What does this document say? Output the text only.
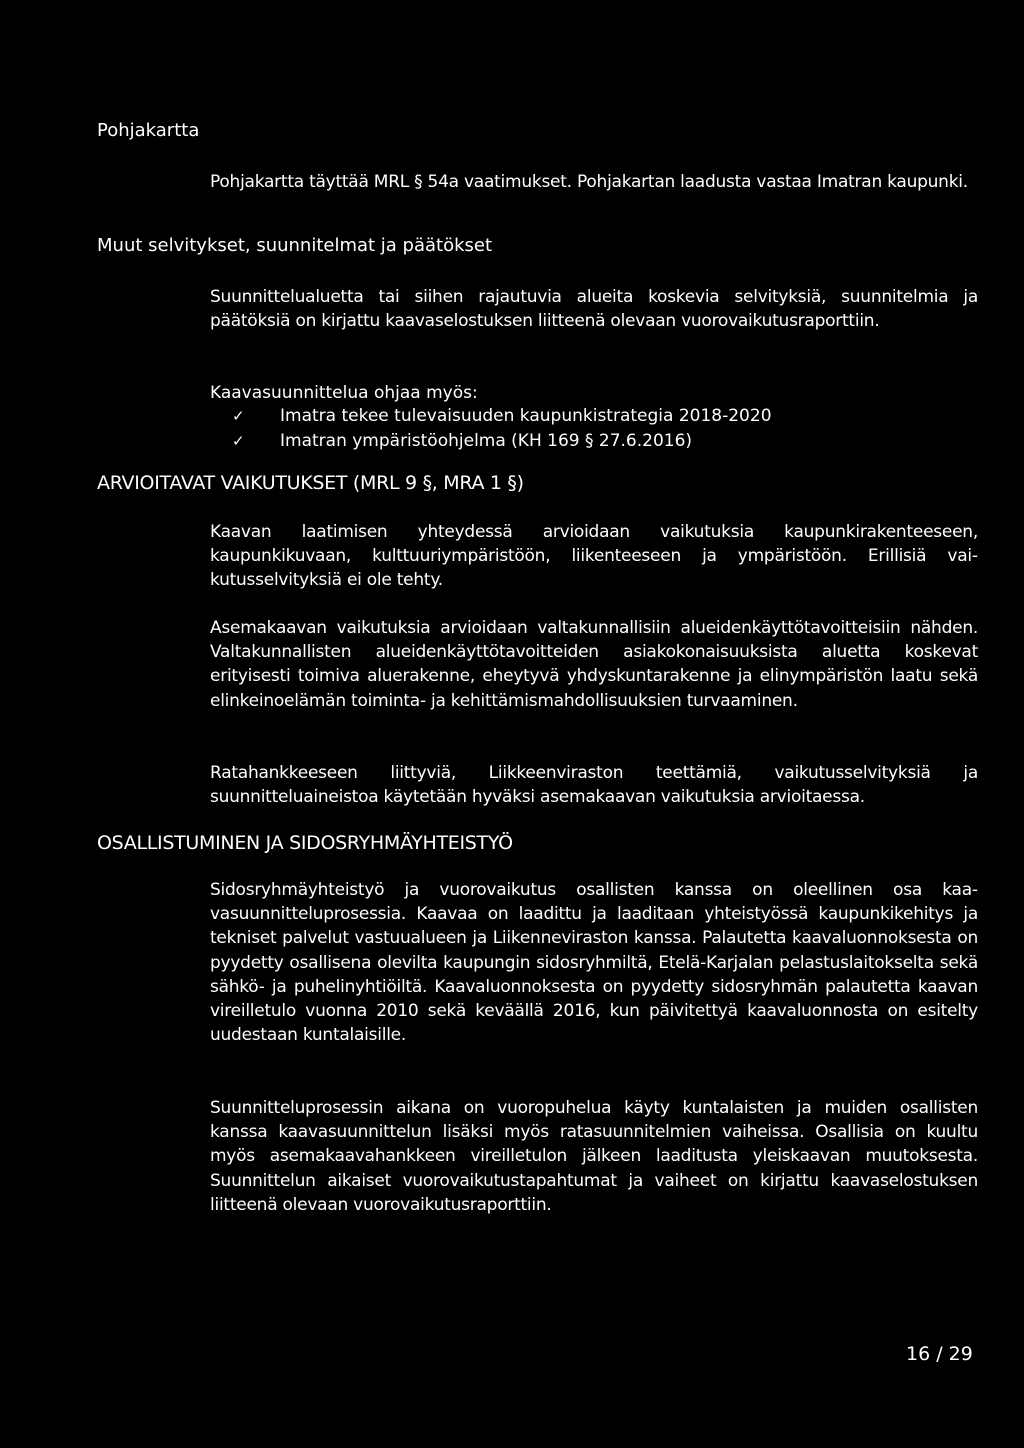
Pohjakartta

Pohjakartta täyttää MRL § 54a vaatimukset. Pohjakartan laadusta vastaa Imatran kaupunki.

Muut selvitykset, suunnitelmat ja päätökset

Suunnittelualuetta tai siihen rajautuvia alueita koskevia selvityksiä, suunnitelmia ja päätöksiä on kirjattu kaavaselostuksen liitteenä olevaan vuorovaikutusraporttiin.

Kaavasuunnittelua ohjaa myös:

✓	Imatra tekee tulevaisuuden kaupunkistrategia 2018-2020
✓	Imatran ympäristöohjelma (KH 169 § 27.6.2016)
ARVIOITAVAT VAIKUTUKSET (MRL 9 §, MRA 1 §)

Kaavan laatimisen yhteydessä arvioidaan vaikutuksia kaupunkirakenteeseen, kaupunkikuvaan, kulttuuriympäristöön, liikenteeseen ja ympäristöön. Erillisiä vaikutusselvityksiä ei ole tehty.

Asemakaavan vaikutuksia arvioidaan valtakunnallisiin alueidenkäyttötavoitteisiin nähden. Valtakunnallisten alueidenkäyttötavoitteiden asiakokonaisuuksista aluetta koskevat erityisesti toimiva aluerakenne, eheytyvä yhdyskuntarakenne ja elinympäristön laatu sekä elinkeinoelämän toiminta- ja kehittämismahdollisuuksien turvaaminen.

Ratahankkeeseen liittyviä, Liikkeenviraston teettämiä, vaikutusselvityksiä ja suunnitteluaineistoa käytetään hyväksi asemakaavan vaikutuksia arvioitaessa.

OSALLISTUMINEN JA SIDOSRYHMÄYHTEISTYÖ

Sidosryhmäyhteistyö ja vuorovaikutus osallisten kanssa on oleellinen osa kaavasuunnitteluprosessia. Kaavaa on laadittu ja laaditaan yhteistyössä kaupunkikehitys ja tekniset palvelut vastuualueen ja Liikenneviraston kanssa. Palautetta kaavaluonnoksesta on pyydetty osallisena olevilta kaupungin sidosryhmiltä, Etelä-Karjalan pelastuslaitokselta sekä sähkö- ja puhelinyhtiöiltä. Kaavaluonnoksesta on pyydetty sidosryhmän palautetta kaavan vireilletulo vuonna 2010 sekä keväällä 2016, kun päivitettyä kaavaluonnosta on esitelty uudestaan kuntalaisille.

Suunnitteluprosessin aikana on vuoropuhelua käyty kuntalaisten ja muiden osallisten kanssa kaavasuunnittelun lisäksi myös ratasuunnitelmien vaiheissa. Osallisia on kuultu myös asemakaavahankkeen vireilletulon jälkeen laaditusta yleiskaavan muutoksesta. Suunnittelun aikaiset vuorovaikutustapahtumat ja vaiheet on kirjattu kaavaselostuksen liitteenä olevaan vuorovaikutusraporttiin.

16 / 29
